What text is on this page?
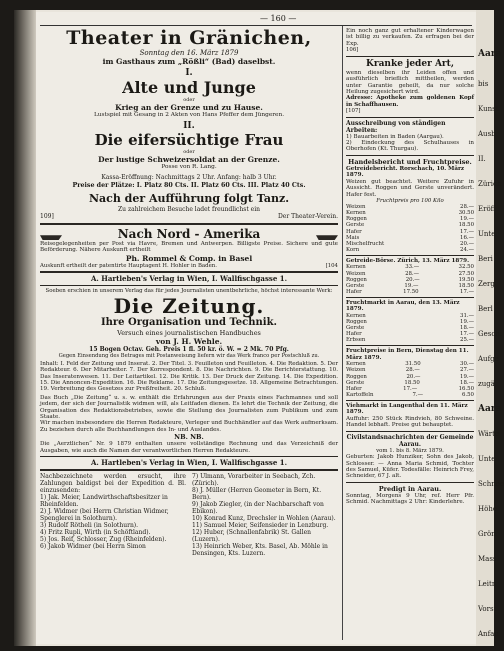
— 160 —
Theater in Gränichen,
Sonntag den 16. März 1879
im Gasthaus zum „Rößli“ (Bad) daselbst.
I.
Alte und Junge
oder
Krieg an der Grenze und zu Hause.
Lustspiel mit Gesang in 2 Akten von Hans Pfeffer dem Jüngeren.
II.
Die eifersüchtige Frau
oder
Der lustige Schweizersoldat an der Grenze.
Posse von R. Lang.
Kassa-Eröffnung: Nachmittags 2 Uhr. Anfang: halb 3 Uhr.
Preise der Plätze: I. Platz 80 Cts. II. Platz 60 Cts. III. Platz 40 Cts.
Nach der Aufführung folgt Tanz.
Zu zahlreichem Besuche ladet freundlichst ein
109]	Der Theater-Verein.
Nach Nord - Amerika
Reisegelegenheiten per Post via Havre, Bremen und Antwerpen. Billigste Preise. Sichere und gute Beförderung. Nähere Auskunft ertheilt
Ph. Rommel & Comp. in Basel
Auskunft ertheilt der patentirte Hauptagent H. Hohler in Baden.	[104
A. Hartleben's Verlag in Wien, I. Wallfischgasse 1.
Soeben erschien in unserem Verlag das für jedes Journalisten unentbehrliche, höchst interessante Werk:
Die Zeitung.
Ihre Organisation und Technik.
Versuch eines journalistischen Handbuches
von J. H. Wehle.
15 Bogen Octav. Geh. Preis 1 fl. 50 kr. ö. W. = 2 Mk. 70 Pfg.
Gegen Einsendung des Betrages mit Postanweisung liefern wir das Werk franco per Postschluß zu.
Inhalt: I. Feld der Zeitung und Inserat. 2. Der Titel. 3. Feuilleton und Feuilleton. 4. Die Redaktion. 5. Der Redakteur. 6. Der Mitarbeiter. 7. Der Korrespondent. 8. Die Nachrichten. 9. Die Berichterstattung. 10. Das Inseratenwesen. 11. Der Leitartikel. 12. Die Kritik. 13. Der Druck der Zeitung. 14. Die Expedition. 15. Die Annoncen-Expedition. 16. Die Reklame. 17. Die Zeitungsgesetze. 18. Allgemeine Betrachtungen. 19. Verbreitung des Gesetzes zur Preßfreiheit. 20. Schluß.
Das Buch „Die Zeitung“ u. s. w. enthält die Erfahrungen aus der Praxis eines Fachmannes und soll jedem, der sich der Journalistik widmen will, als Leitfaden dienen. Es lehrt die Technik der Zeitung, die Organisation des Redaktionsbetriebes, sowie die Stellung des Journalisten zum Publikum und zum Staate.
Wir machen insbesondere die Herren Redakteure, Verleger und Buchhändler auf das Werk aufmerksam. Zu beziehen durch alle Buchhandlungen des In- und Auslandes.
NB. NB.
Die „Aerztlichen“ Nr. 9 1879 enthalten unsere vollständige Rechnung und das Verzeichniß der Ausgaben, wie auch die Namen der verantwortlichen Herren Redakteure.
A. Hartleben's Verlag in Wien, I. Wallfischgasse 1.
Nachbezeichnete werden ersucht, ihre Zahlungen baldigst bei der Expedition d. Bl. einzusenden:
1) Jak. Meier, Landwirthschaftsbesitzer in Rheinfelden.
2) J. Widmer (bei Herrn Christian Widmer, Spenglerei in Solothurn).
3) Rudolf Rötheli (in Solothurn).
4) Fritz Rupli, Wirth (in Schöftland).
5) Jos. Reif, Schlosser, Zug (Rheinfelden).
6) Jakob Widmer (bei Herrn Simon
7) Ulmann, Vorarbeiter in Seebach, Zch. (Zürich).
8) J. Müller (Herren Geometer in Bern, Kt. Bern).
9) Jakob Ziegler, (in der Nachbarschaft von Ebikon).
10) Konrad Kunz, Drechsler in Wohlen (Aarau).
11) Samuel Meier, Seifensieder in Lenzburg.
12) Huber, (Schnallenfabrik) St. Gallen (Luzern).
13) Heinrich Weber, Kts. Basel, Ab. Möhle in Densingen, Kts. Luzern.
Ein noch ganz gut erhaltener Kinderwagen ist billig zu verkaufen. Zu erfragen bei der Exp.
106]
Kranke jeder Art,
wenn dieselben ihr Leiden offen und ausführlich brieflich mittheilen, werden unter Garantie geheilt, da nur solche Heilung zugesichert wird.
Adresse: Apotheke zum goldenen Kopf in Schaffhausen.
[107]
Ausschreibung von ständigen Arbeiten:
1) Bauarbeiten in Baden (Aargau).
2) Eindeckung des Schulhauses in Oberhofen (Kt. Thurgau).
Handelsbericht und Fruchtpreise.
Getreidebericht. Rorschach, 10. März 1879.
Weizen gut beachtet. Weitere Zufuhr in Aussicht. Roggen und Gerste unverändert. Hafer fest.
Fruchtpreis pro 100 Kilo
Weizen	28.—
Kernen	30.50
Roggen	19.—
Gerste	18.50
Hafer	17.—
Mais	16.—
Mischelfrucht	20.—
Korn	24.—
Getreide-Börse. Zürich, 13. März 1879.
Kernen	33.—	32.50
Weizen	28.—	27.50
Roggen	20.—	19.50
Gerste	19.—	18.50
Hafer	17.50	17.—
Fruchtmarkt in Aarau, den 13. März 1879.
Kernen	31.—
Roggen	19.—
Gerste	18.—
Hafer	17.—
Erbsen	25.—
Fruchtpreise in Bern, Dienstag den 11. März 1879.
Kernen	31.50	30.—
Weizen	28.—	27.—
Roggen	20.—	19.—
Gerste	18.50	18.—
Hafer	17.—	16.50
Kartoffeln	7.—	6.50
Viehmarkt in Langenthal den 11. März 1879.
Auffuhr: 250 Stück Rindvieh, 80 Schweine. Handel lebhaft. Preise gut behauptet.
Civilstandsnachrichten der Gemeinde Aarau.
vom 1. bis 8. März 1879.
Geburten: Jakob Hunziker, Sohn des Jakob, Schlosser. — Anna Maria Schmid, Tochter des Samuel, Küfer. Todesfälle: Heinrich Frey, Schneider, 67 J. alt.
Predigt in Aarau.
Sonntag, Morgens 9 Uhr, ref. Herr Pfr. Schmid. Nachmittags 2 Uhr: Kinderlehre.
Aara
bis
Kunst
Ausb
II.
Zürich
Eröff
Unte
Beri
Zerg
Berl
Geschi
Aufge
zugä
Aara
Wärte
Unte
Schnee
Höhe
Grön
Mass
Leitn
Vorst
Anfan
